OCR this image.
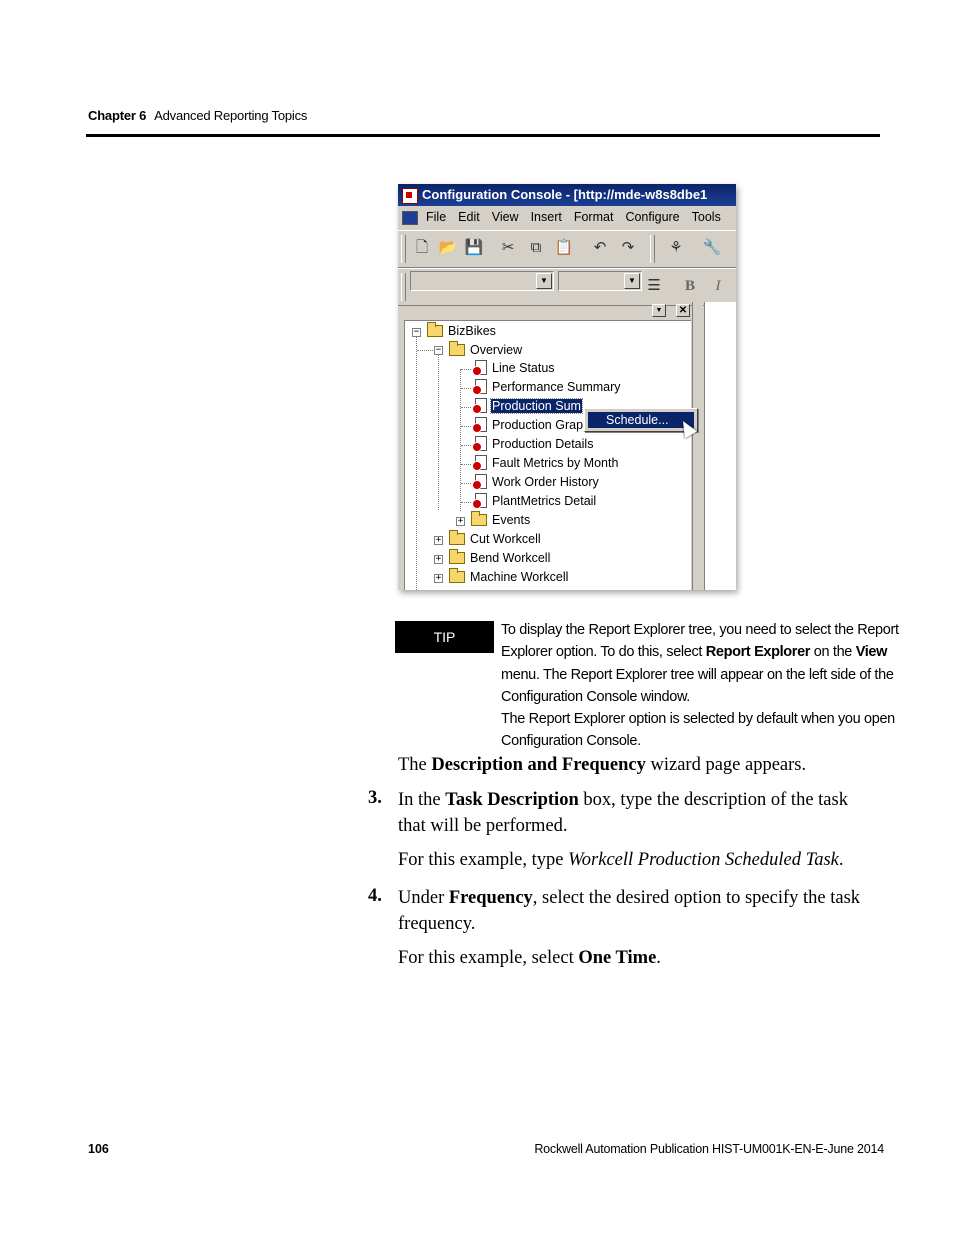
Chapter 6 Advanced Reporting Topics
Configuration Console - [http://mde-w8s8dbe1
File Edit View Insert Format Configure Tools
🗋 📂 💾 ✂	⧉ 📋 ↶ ↷ ⚘ 🔧
☰	B	I
▼	▼
▼	✕
−	BizBikes
−	Overview
Line Status
Performance Summary
Production Sum
Production Grap
Production Details
Fault Metrics by Month
Work Order History
PlantMetrics Detail
+	Events
+	Cut Workcell
+	Bend Workcell
+	Machine Workcell
Schedule...
TIP	To display the Report Explorer tree, you need to select the Report Explorer option. To do this, select Report Explorer on the View menu. The Report Explorer tree will appear on the left side of the Configuration Console window.

The Report Explorer option is selected by default when you open Configuration Console.

The Description and Frequency wizard page appears.
3. In the Task Description box, type the description of the task that will be performed.
For this example, type Workcell Production Scheduled Task.
4. Under Frequency, select the desired option to specify the task frequency.
For this example, select One Time.
106	Rockwell Automation Publication HIST-UM001K-EN-E-June 2014
